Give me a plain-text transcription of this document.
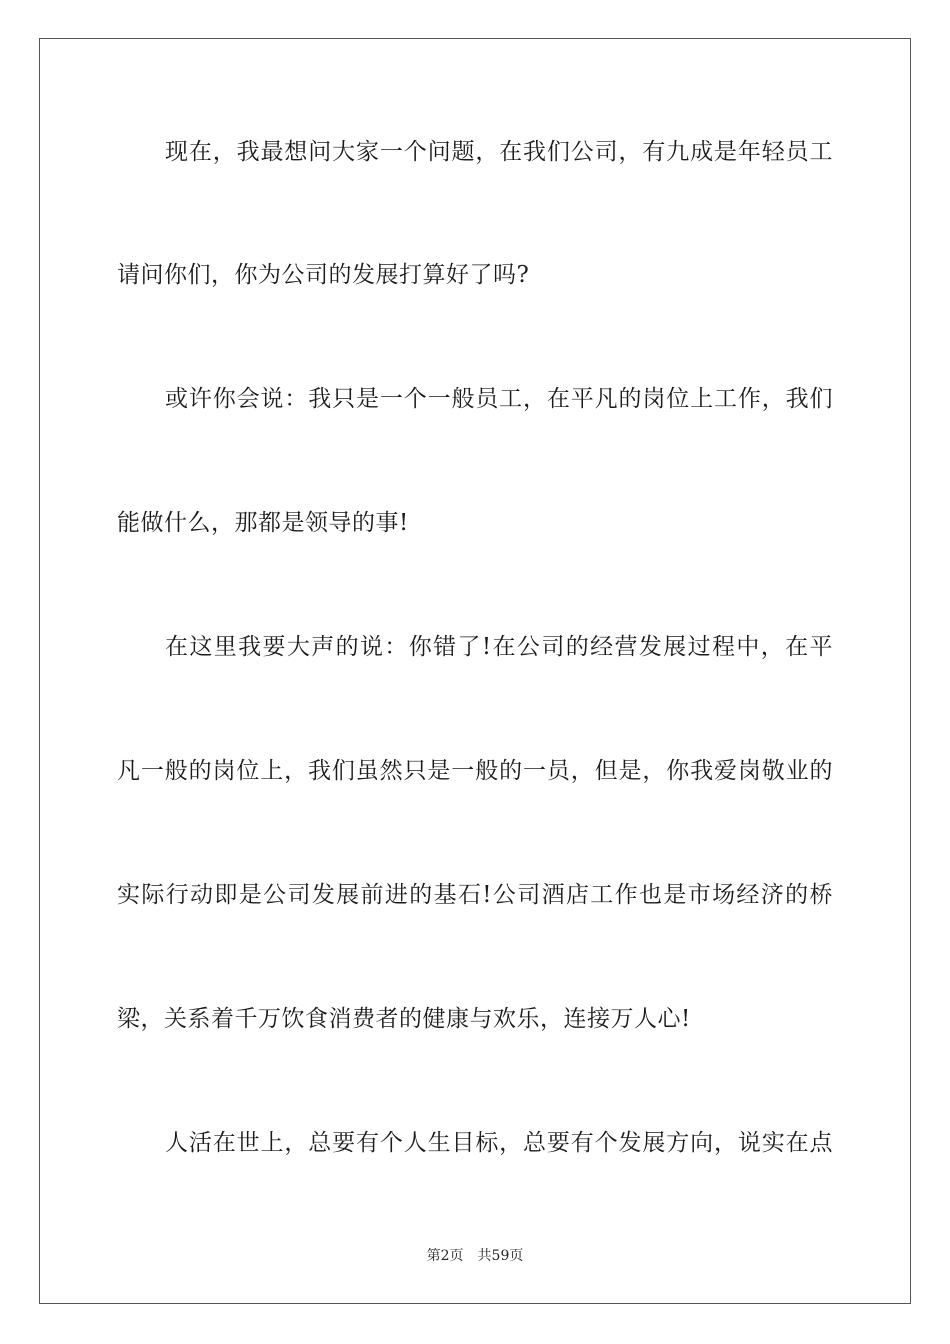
现在，我最想问大家一个问题，在我们公司，有九成是年轻员工
请问你们，你为公司的发展打算好了吗?
或许你会说：我只是一个一般员工，在平凡的岗位上工作，我们
能做什么，那都是领导的事!
在这里我要大声的说：你错了!在公司的经营发展过程中，在平
凡一般的岗位上，我们虽然只是一般的一员，但是，你我爱岗敬业的
实际行动即是公司发展前进的基石!公司酒店工作也是市场经济的桥
梁，关系着千万饮食消费者的健康与欢乐，连接万人心!
人活在世上，总要有个人生目标，总要有个发展方向，说实在点
第2页 共59页
